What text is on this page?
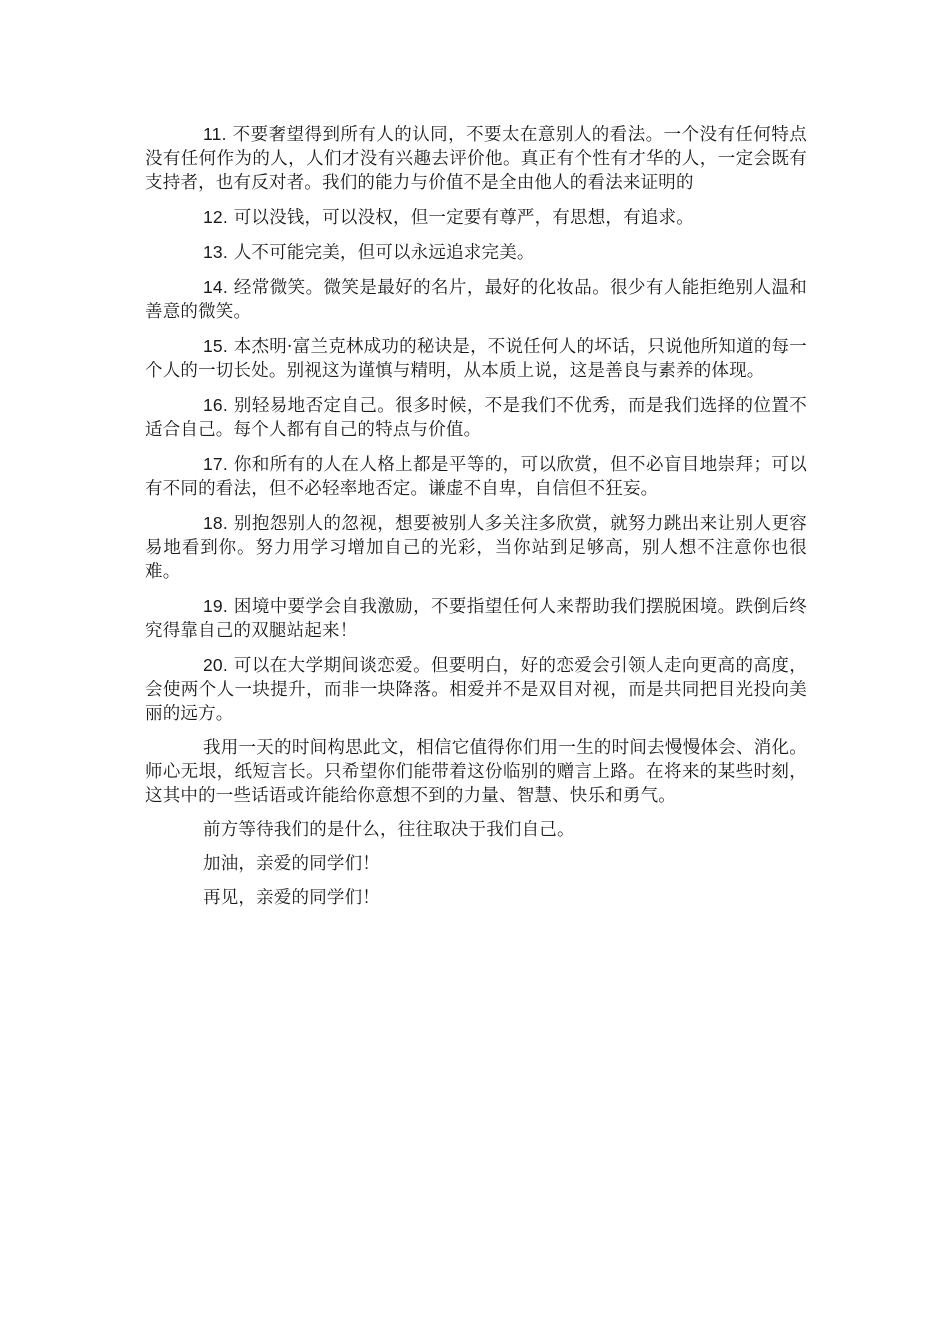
11. 不要奢望得到所有人的认同，不要太在意别人的看法。一个没有任何特点没有任何作为的人，人们才没有兴趣去评价他。真正有个性有才华的人，一定会既有支持者，也有反对者。我们的能力与价值不是全由他人的看法来证明的

12. 可以没钱，可以没权，但一定要有尊严，有思想，有追求。

13. 人不可能完美，但可以永远追求完美。

14. 经常微笑。微笑是最好的名片，最好的化妆品。很少有人能拒绝别人温和善意的微笑。

15. 本杰明·富兰克林成功的秘诀是，不说任何人的坏话，只说他所知道的每一个人的一切长处。别视这为谨慎与精明，从本质上说，这是善良与素养的体现。

16. 别轻易地否定自己。很多时候，不是我们不优秀，而是我们选择的位置不适合自己。每个人都有自己的特点与价值。

17. 你和所有的人在人格上都是平等的，可以欣赏，但不必盲目地崇拜；可以有不同的看法，但不必轻率地否定。谦虚不自卑，自信但不狂妄。

18. 别抱怨别人的忽视，想要被别人多关注多欣赏，就努力跳出来让别人更容易地看到你。努力用学习增加自己的光彩，当你站到足够高，别人想不注意你也很难。

19. 困境中要学会自我激励，不要指望任何人来帮助我们摆脱困境。跌倒后终究得靠自己的双腿站起来！

20. 可以在大学期间谈恋爱。但要明白，好的恋爱会引领人走向更高的高度，会使两个人一块提升，而非一块降落。相爱并不是双目对视，而是共同把目光投向美丽的远方。

我用一天的时间构思此文，相信它值得你们用一生的时间去慢慢体会、消化。师心无垠，纸短言长。只希望你们能带着这份临别的赠言上路。在将来的某些时刻，这其中的一些话语或许能给你意想不到的力量、智慧、快乐和勇气。

前方等待我们的是什么，往往取决于我们自己。

加油，亲爱的同学们！

再见，亲爱的同学们！
